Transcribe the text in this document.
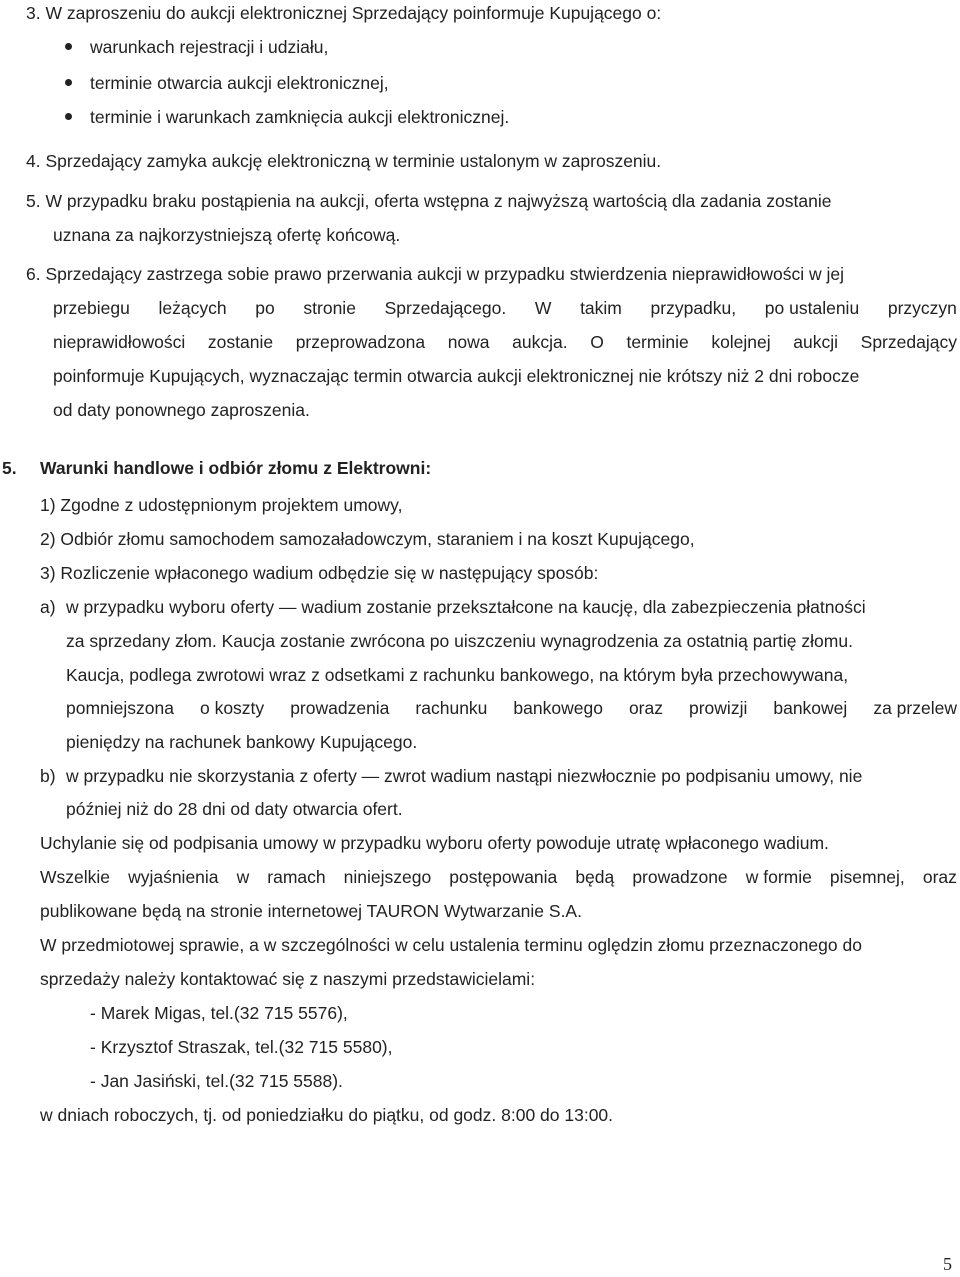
3. W zaproszeniu do aukcji elektronicznej Sprzedający poinformuje Kupującego o:
warunkach rejestracji i udziału,
terminie otwarcia aukcji elektronicznej,
terminie i warunkach zamknięcia aukcji elektronicznej.
4. Sprzedający zamyka aukcję elektroniczną w terminie ustalonym w zaproszeniu.
5. W przypadku braku postąpienia na aukcji, oferta wstępna z najwyższą wartością dla zadania zostanie
uznana za najkorzystniejszą ofertę końcową.
6. Sprzedający zastrzega sobie prawo przerwania aukcji w przypadku stwierdzenia nieprawidłowości w jej
przebiegu leżących po stronie Sprzedającego. W takim przypadku, po ustaleniu przyczyn
nieprawidłowości zostanie przeprowadzona nowa aukcja. O terminie kolejnej aukcji Sprzedający
poinformuje Kupujących, wyznaczając termin otwarcia aukcji elektronicznej nie krótszy niż 2 dni robocze
od daty ponownego zaproszenia.
5. Warunki handlowe i odbiór złomu z Elektrowni:
1) Zgodne z udostępnionym projektem umowy,
2) Odbiór złomu samochodem samozaładowczym, staraniem i na koszt Kupującego,
3) Rozliczenie wpłaconego wadium odbędzie się w następujący sposób:
a) w przypadku wyboru oferty — wadium zostanie przekształcone na kaucję, dla zabezpieczenia płatności
za sprzedany złom. Kaucja zostanie zwrócona po uiszczeniu wynagrodzenia za ostatnią partię złomu.
Kaucja, podlega zwrotowi wraz z odsetkami z rachunku bankowego, na którym była przechowywana,
pomniejszona o koszty prowadzenia rachunku bankowego oraz prowizji bankowej za przelew
pieniędzy na rachunek bankowy Kupującego.
b) w przypadku nie skorzystania z oferty — zwrot wadium nastąpi niezwłocznie po podpisaniu umowy, nie
później niż do 28 dni od daty otwarcia ofert.
Uchylanie się od podpisania umowy w przypadku wyboru oferty powoduje utratę wpłaconego wadium.
Wszelkie wyjaśnienia w ramach niniejszego postępowania będą prowadzone w formie pisemnej, oraz
publikowane będą na stronie internetowej TAURON Wytwarzanie S.A.
W przedmiotowej sprawie, a w szczególności w celu ustalenia terminu oględzin złomu przeznaczonego do
sprzedaży należy kontaktować się z naszymi przedstawicielami:
- Marek Migas, tel.(32 715 5576),
- Krzysztof Straszak, tel.(32 715 5580),
- Jan Jasiński, tel.(32 715 5588).
w dniach roboczych, tj. od poniedziałku do piątku, od godz. 8:00 do 13:00.
5
